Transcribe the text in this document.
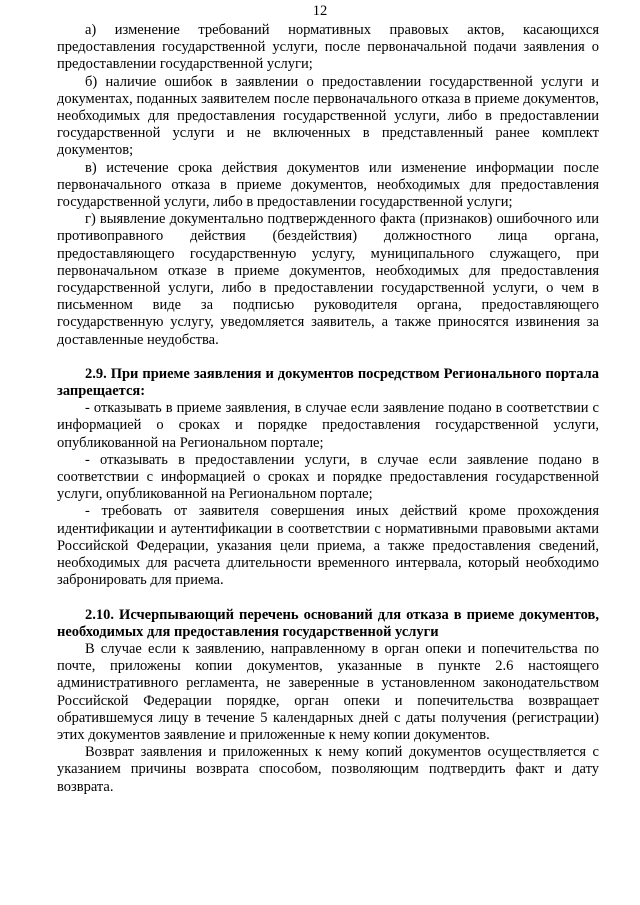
12

а) изменение требований нормативных правовых актов, касающихся предоставления государственной услуги, после первоначальной подачи заявления о предоставлении государственной услуги;

б) наличие ошибок в заявлении о предоставлении государственной услуги и документах, поданных заявителем после первоначального отказа в приеме документов, необходимых для предоставления государственной услуги, либо в предоставлении государственной услуги и не включенных в представленный ранее комплект документов;

в) истечение срока действия документов или изменение информации после первоначального отказа в приеме документов, необходимых для предоставления государственной услуги, либо в предоставлении государственной услуги;

г) выявление документально подтвержденного факта (признаков) ошибочного или противоправного действия (бездействия) должностного лица органа, предоставляющего государственную услугу, муниципального служащего, при первоначальном отказе в приеме документов, необходимых для предоставления государственной услуги, либо в предоставлении государственной услуги, о чем в письменном виде за подписью руководителя органа, предоставляющего государственную услугу, уведомляется заявитель, а также приносятся извинения за доставленные неудобства.

2.9. При приеме заявления и документов посредством Регионального портала запрещается:

- отказывать в приеме заявления, в случае если заявление подано в соответствии с информацией о сроках и порядке предоставления государственной услуги, опубликованной на Региональном портале;

- отказывать в предоставлении услуги, в случае если заявление подано в соответствии с информацией о сроках и порядке предоставления государственной услуги, опубликованной на Региональном портале;

- требовать от заявителя совершения иных действий кроме прохождения идентификации и аутентификации в соответствии с нормативными правовыми актами Российской Федерации, указания цели приема, а также предоставления сведений, необходимых для расчета длительности временного интервала, который необходимо забронировать для приема.

2.10. Исчерпывающий перечень оснований для отказа в приеме документов, необходимых для предоставления государственной услуги

В случае если к заявлению, направленному в орган опеки и попечительства по почте, приложены копии документов, указанные в пункте 2.6 настоящего административного регламента, не заверенные в установленном законодательством Российской Федерации порядке, орган опеки и попечительства возвращает обратившемуся лицу в течение 5 календарных дней с даты получения (регистрации) этих документов заявление и приложенные к нему копии документов.

Возврат заявления и приложенных к нему копий документов осуществляется с указанием причины возврата способом, позволяющим подтвердить факт и дату возврата.
